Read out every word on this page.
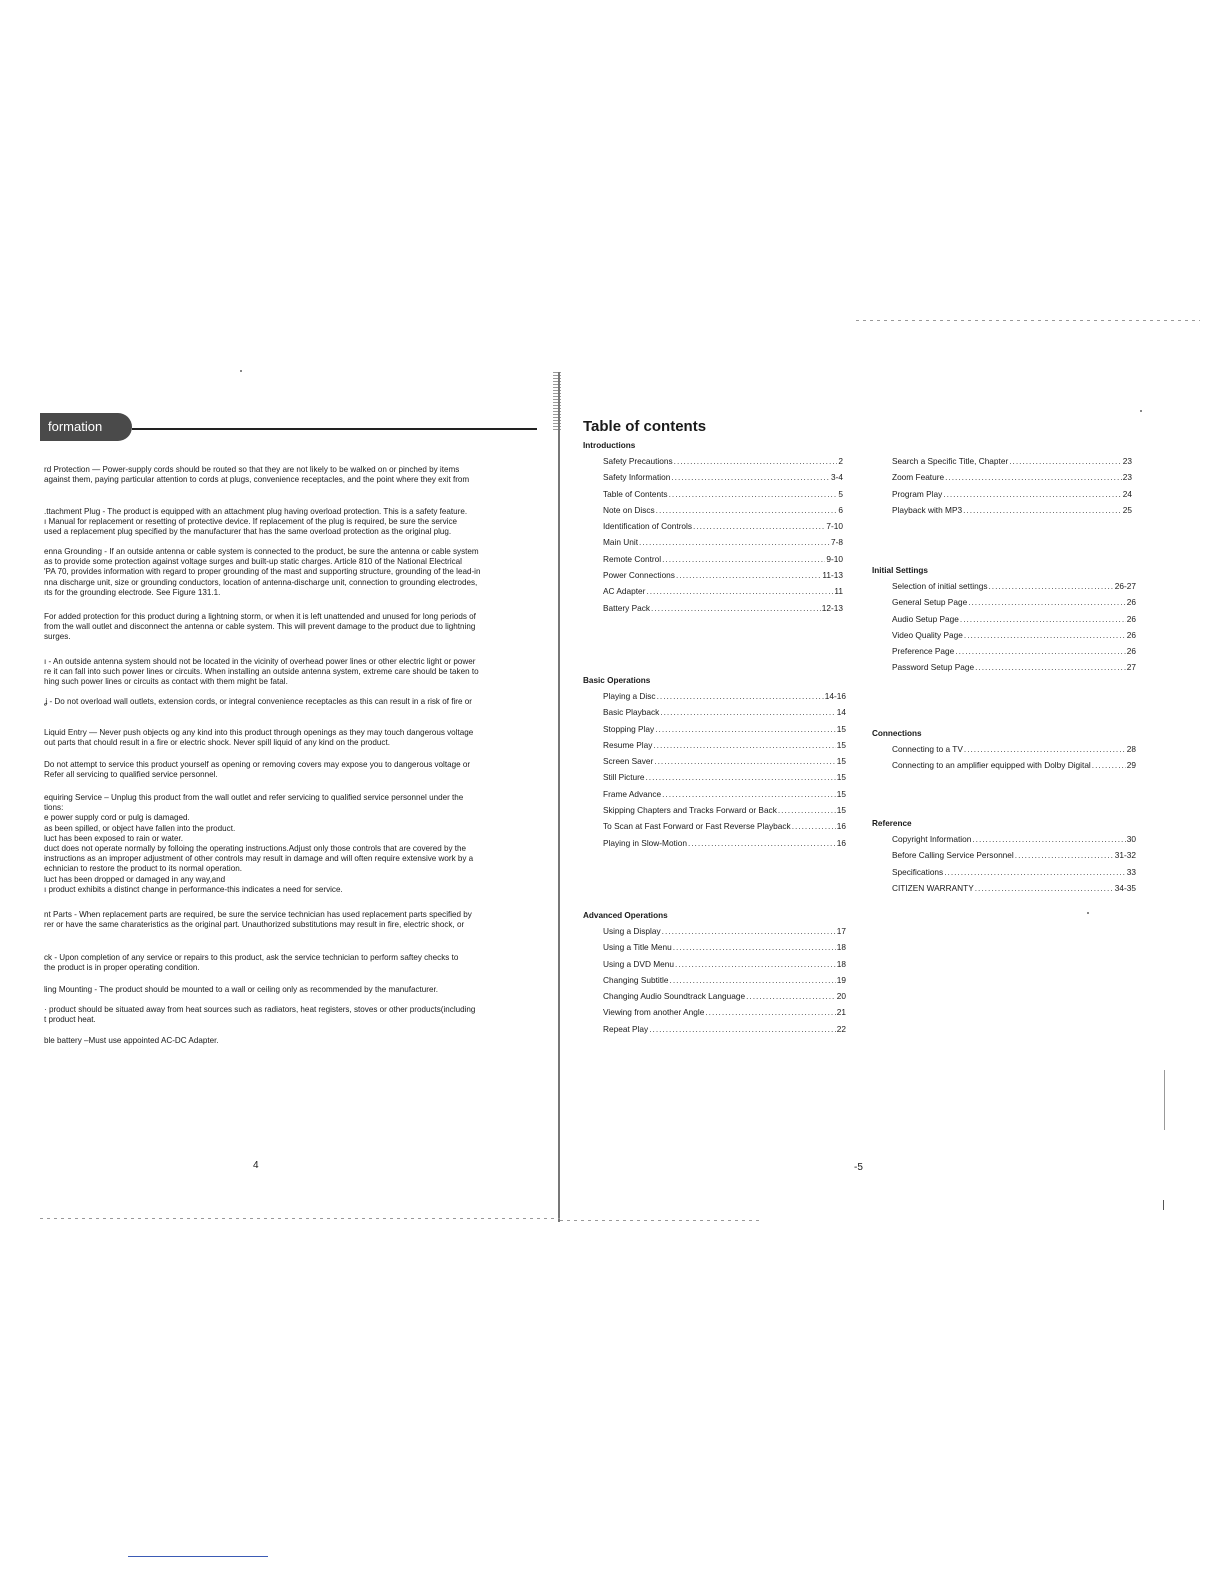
formation

rd Protection — Power-supply cords should be routed so that they are not likely to be walked on or pinched by items

against them, paying particular attention to cords at plugs, convenience receptacles, and the point where they exit from

.ttachment Plug - The product is equipped with an attachment plug having overload protection. This is a safety feature.

ı Manual for replacement or resetting of protective device. If replacement of the plug is required, be sure the service

used a replacement plug specified by the manufacturer that has the same overload protection as the original plug.

enna Grounding - If an outside antenna or cable system is connected to the product, be sure the antenna or cable system

as to provide some protection against voltage surges and built-up static charges. Article 810 of the National Electrical

'PA 70, provides information with regard to proper grounding of the mast and supporting structure, grounding of the lead-in

nna discharge unit, size or grounding conductors, location of antenna-discharge unit, connection to grounding electrodes,

ıts for the grounding electrode. See Figure 131.1.

For added protection for this product during a lightning storm, or when it is left unattended and unused for long periods of

from the wall outlet and disconnect the antenna or cable system. This will prevent damage to the product due to lightning

surges.

ı - An outside antenna system should not be located in the vicinity of overhead power lines or other electric light or power

re it can fall into such power lines or circuits. When installing an outside antenna system, extreme care should be taken to

hing such power lines or circuits as contact with them might be fatal.

ʝ - Do not overload wall outlets, extension cords, or integral convenience receptacles as this can result in a risk of fire or

Liquid Entry — Never push objects og any kind into this product through openings as they may touch dangerous voltage

out parts that chould result in a fire or electric shock. Never spill liquid of any kind on the product.

Do not attempt to service this product yourself as opening or removing covers may expose you to dangerous voltage or

Refer all servicing to qualified service personnel.

equiring Service – Unplug this product from the wall outlet and refer servicing to qualified service personnel under the

tions:

e power supply cord or pulg is damaged.

as been spilled, or object have fallen into the product.

luct has been exposed to rain or water.

duct does not operate normally by folloing the operating instructions.Adjust only those controls that are covered by the

instructions as an improper adjustment of other controls may result in damage and will often require extensive work by a

echnician to restore the product to its normal operation.

luct has been dropped or damaged in any way,and

ı product exhibits a distinct change in performance-this indicates a need for service.

nt Parts - When replacement parts are required, be sure the service technician has used replacement parts specified by

rer or have the same charateristics as the original part. Unauthorized substitutions may result in fire, electric shock, or

ck - Upon completion of any service or repairs to this product, ask the service technician to perform saftey checks to

the product is in proper operating condition.

ling Mounting - The product should be mounted to a wall or ceiling only as recommended by the manufacturer.

· product should be situated away from heat sources such as radiators, heat registers, stoves or other products(including

t product heat.

ble battery –Must use appointed AC-DC Adapter.

4
Table of contents
Introductions
Safety Precautions .....	2
Safety Information .....	3-4
Table of Contents .....	5
Note on Discs .....	6
Identification of Controls .....	7-10
Main Unit .....	7-8
Remote Control .....	9-10
Power Connections .....	11-13
AC Adapter .....	11
Battery Pack .....	12-13
Basic Operations
Playing a Disc .....	14-16
Basic Playback .....	14
Stopping Play .....	15
Resume Play .....	15
Screen Saver .....	15
Still Picture .....	15
Frame Advance .....	15
Skipping Chapters and Tracks Forward or Back .....	15
To Scan at Fast Forward or Fast Reverse Playback .....	16
Playing in Slow-Motion .....	16
Advanced Operations
Using a Display .....	17
Using a Title Menu .....	18
Using a DVD Menu .....	18
Changing Subtitle .....	19
Changing Audio Soundtrack Language .....	20
Viewing from another Angle .....	21
Repeat Play .....	22
Search a Specific Title, Chapter .....	23
Zoom Feature .....	23
Program Play .....	24
Playback with MP3 .....	25
Initial Settings
Selection of initial settings .....	26-27
General Setup Page .....	26
Audio Setup Page .....	26
Video Quality Page .....	26
Preference Page .....	26
Password Setup Page .....	27
Connections
Connecting to a TV .....	28
Connecting to an amplifier equipped with Dolby Digital .....	29
Reference
Copyright Information .....	30
Before Calling Service Personnel .....	31-32
Specifications .....	33
CITIZEN WARRANTY .....	34-35
-5
